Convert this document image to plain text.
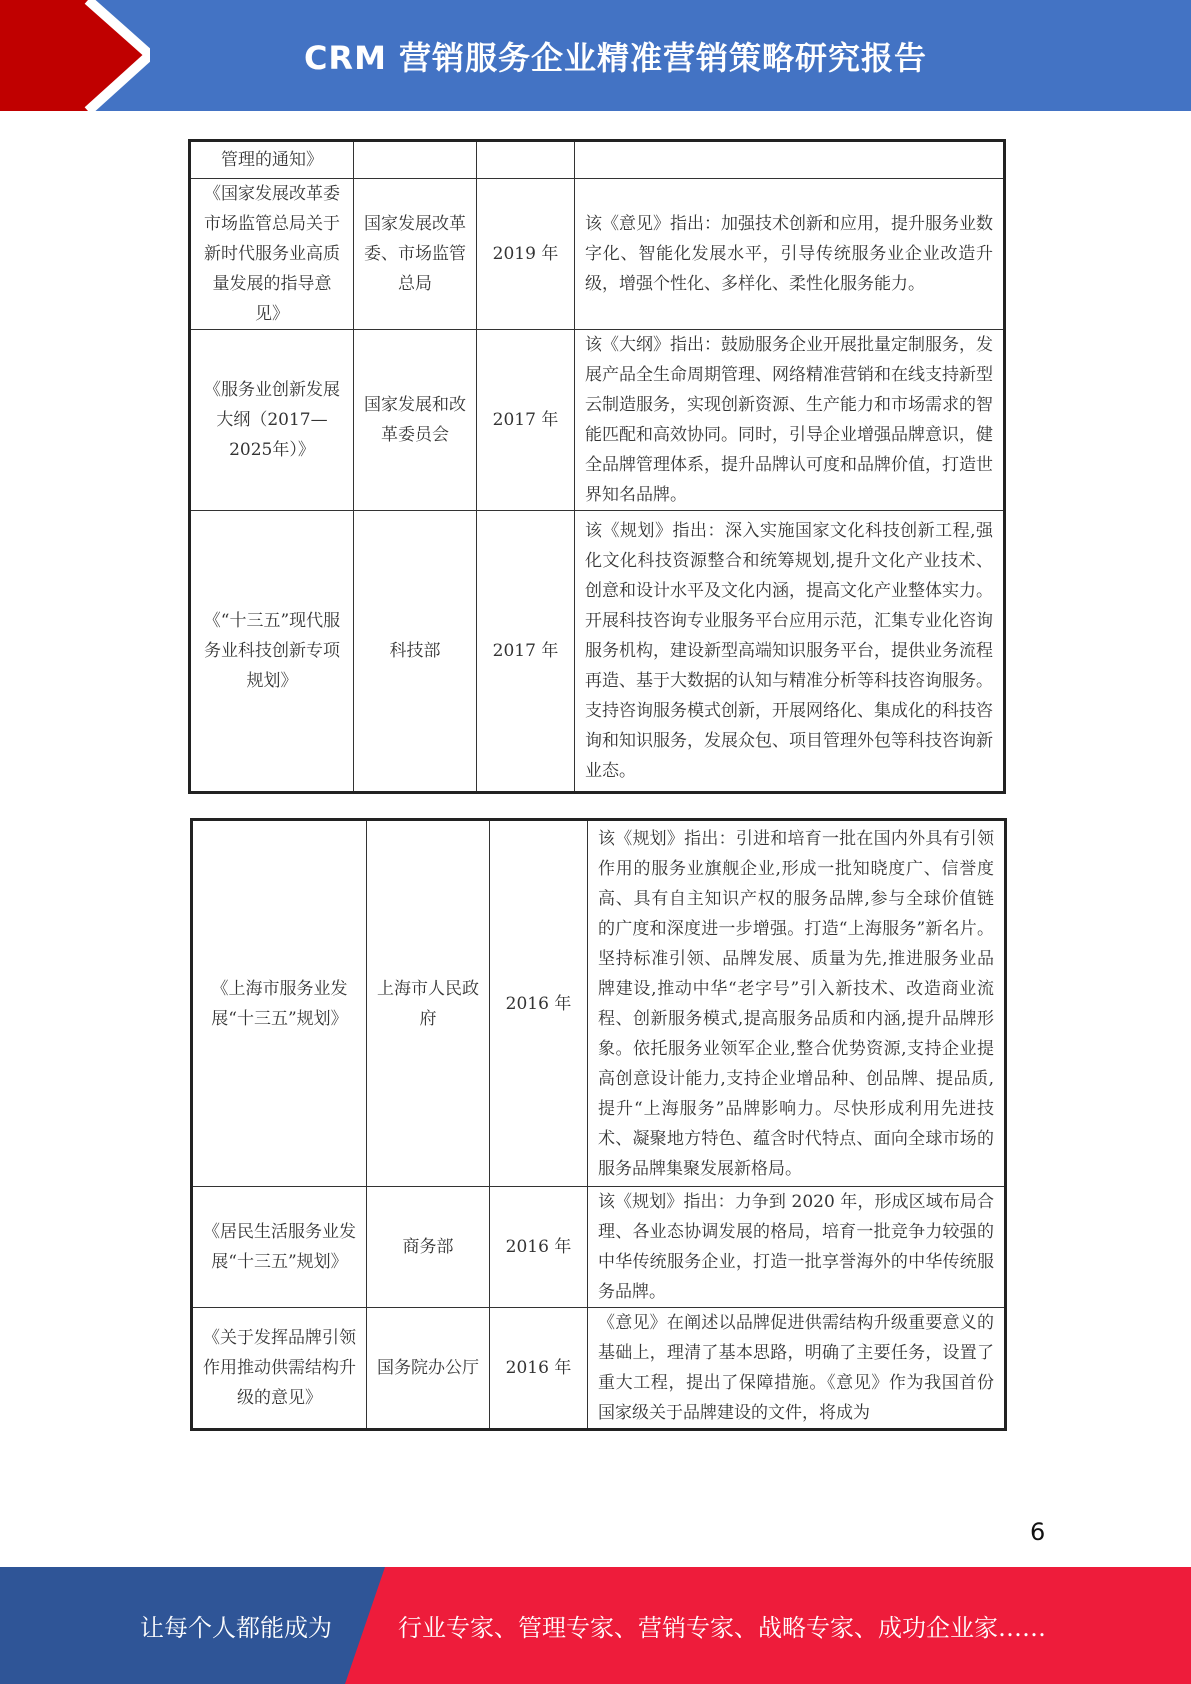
CRM 营销服务企业精准营销策略研究报告
管理的通知》			
《国家发展改革委市场监管总局关于新时代服务业高质量发展的指导意见》	国家发展改革委、市场监管总局	2019 年	该《意见》指出：加强技术创新和应用，提升服务业数字化、智能化发展水平，引导传统服务业企业改造升级，增强个性化、多样化、柔性化服务能力。
《服务业创新发展大纲（2017—2025年）》	国家发展和改革委员会	2017 年	该《大纲》指出：鼓励服务企业开展批量定制服务，发展产品全生命周期管理、网络精准营销和在线支持新型云制造服务，实现创新资源、生产能力和市场需求的智能匹配和高效协同。同时，引导企业增强品牌意识，健全品牌管理体系，提升品牌认可度和品牌价值，打造世界知名品牌。
《“十三五”现代服务业科技创新专项规划》	科技部	2017 年	该《规划》指出：深入实施国家文化科技创新工程,强化文化科技资源整合和统筹规划,提升文化产业技术、创意和设计水平及文化内涵，提高文化产业整体实力。开展科技咨询专业服务平台应用示范，汇集专业化咨询服务机构，建设新型高端知识服务平台，提供业务流程再造、基于大数据的认知与精准分析等科技咨询服务。支持咨询服务模式创新，开展网络化、集成化的科技咨询和知识服务，发展众包、项目管理外包等科技咨询新业态。
《上海市服务业发展“十三五”规划》	上海市人民政府	2016 年	该《规划》指出：引进和培育一批在国内外具有引领作用的服务业旗舰企业,形成一批知晓度广、信誉度高、具有自主知识产权的服务品牌,参与全球价值链的广度和深度进一步增强。打造“上海服务”新名片。坚持标准引领、品牌发展、质量为先,推进服务业品牌建设,推动中华“老字号”引入新技术、改造商业流程、创新服务模式,提高服务品质和内涵,提升品牌形象。依托服务业领军企业,整合优势资源,支持企业提高创意设计能力,支持企业增品种、创品牌、提品质,提升“上海服务”品牌影响力。尽快形成利用先进技术、凝聚地方特色、蕴含时代特点、面向全球市场的服务品牌集聚发展新格局。
《居民生活服务业发展“十三五”规划》	商务部	2016 年	该《规划》指出：力争到 2020 年，形成区域布局合理、各业态协调发展的格局，培育一批竞争力较强的中华传统服务企业，打造一批享誉海外的中华传统服务品牌。
《关于发挥品牌引领作用推动供需结构升级的意见》	国务院办公厅	2016 年	《意见》在阐述以品牌促进供需结构升级重要意义的基础上，理清了基本思路，明确了主要任务，设置了重大工程，提出了保障措施。《意见》作为我国首份国家级关于品牌建设的文件，将成为
6
让每个人都能成为	行业专家、管理专家、营销专家、战略专家、成功企业家……
